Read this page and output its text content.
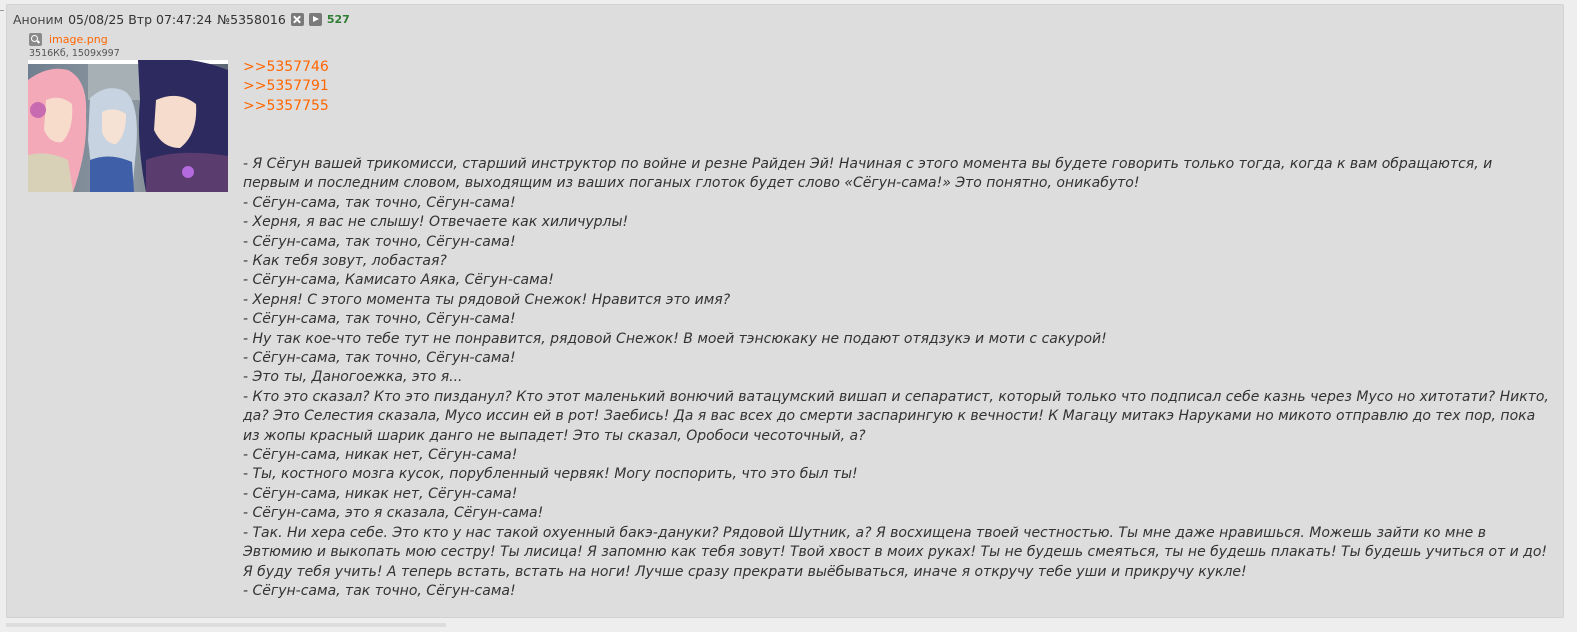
Аноним 05/08/25 Втр 07:47:24 №5358016	527
image.png
3516Кб, 1509x997
>>5357746
>>5357791
>>5357755
- Я Сёгун вашей трикомисси, старший инструктор по войне и резне Райден Эй! Начиная с этого момента вы будете говорить только тогда, когда к вам обращаются, и первым и последним словом, выходящим из ваших поганых глоток будет слово «Сёгун-сама!» Это понятно, оникабуто!
- Сёгун-сама, так точно, Сёгун-сама!
- Херня, я вас не слышу! Отвечаете как хиличурлы!
- Сёгун-сама, так точно, Сёгун-сама!
- Как тебя зовут, лобастая?
- Сёгун-сама, Камисато Аяка, Сёгун-сама!
- Херня! С этого момента ты рядовой Снежок! Нравится это имя?
- Сёгун-сама, так точно, Сёгун-сама!
- Ну так кое-что тебе тут не понравится, рядовой Снежок! В моей тэнсюкаку не подают отядзукэ и моти с сакурой!
- Сёгун-сама, так точно, Сёгун-сама!
- Это ты, Даногоежка, это я...
- Кто это сказал? Кто это пизданул? Кто этот маленький вонючий ватацумский вишап и сепаратист, который только что подписал себе казнь через Мусо но хитотати? Никто, да? Это Селестия сказала, Мусо иссин ей в рот! Заебись! Да я вас всех до смерти заспарингую к вечности! К Магацу митакэ Наруками но микото отправлю до тех пор, пока из жопы красный шарик данго не выпадет! Это ты сказал, Оробоси чесоточный, а?
- Сёгун-сама, никак нет, Сёгун-сама!
- Ты, костного мозга кусок, порубленный червяк! Могу поспорить, что это был ты!
- Сёгун-сама, никак нет, Сёгун-сама!
- Сёгун-сама, это я сказала, Сёгун-сама!
- Так. Ни хера себе. Это кто у нас такой охуенный бакэ-дануки? Рядовой Шутник, а? Я восхищена твоей честностью. Ты мне даже нравишься. Можешь зайти ко мне в Эвтюмию и выкопать мою сестру! Ты лисица! Я запомню как тебя зовут! Твой хвост в моих руках! Ты не будешь смеяться, ты не будешь плакать! Ты будешь учиться от и до! Я буду тебя учить! А теперь встать, встать на ноги! Лучше сразу прекрати выёбываться, иначе я откручу тебе уши и прикручу кукле!
- Сёгун-сама, так точно, Сёгун-сама!
